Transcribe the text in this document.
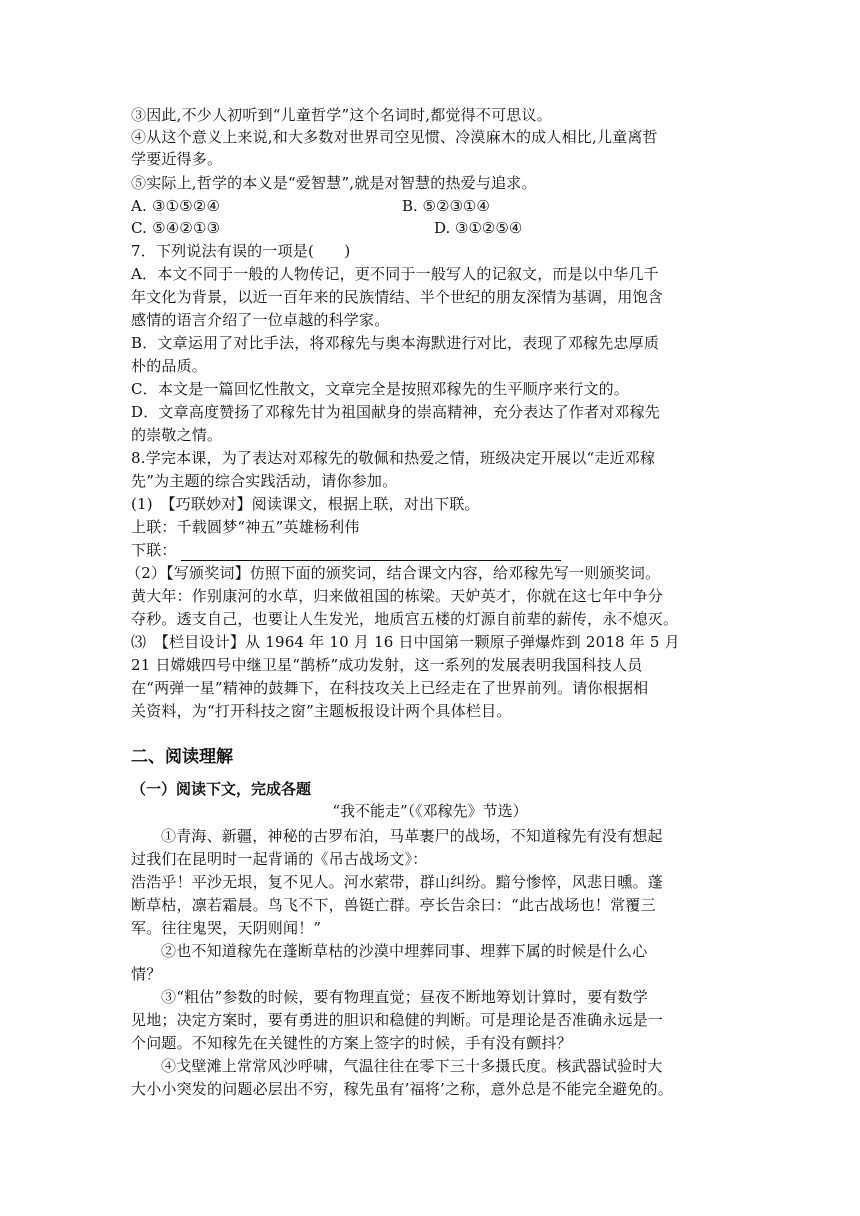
③因此,不少人初听到“儿童哲学”这个名词时,都觉得不可思议。
④从这个意义上来说,和大多数对世界司空见惯、冷漠麻木的成人相比,儿童离哲
学要近得多。
⑤实际上,哲学的本义是“爱智慧”,就是对智慧的热爱与追求。
A. ③①⑤②④	B. ⑤②③①④
C. ⑤④②①③	D. ③①②⑤④
7．下列说法有误的一项是(　　)
A．本文不同于一般的人物传记，更不同于一般写人的记叙文，而是以中华几千
年文化为背景，以近一百年来的民族情结、半个世纪的朋友深情为基调，用饱含
感情的语言介绍了一位卓越的科学家。
B．文章运用了对比手法，将邓稼先与奥本海默进行对比，表现了邓稼先忠厚质
朴的品质。
C．本文是一篇回忆性散文，文章完全是按照邓稼先的生平顺序来行文的。
D．文章高度赞扬了邓稼先甘为祖国献身的崇高精神，充分表达了作者对邓稼先
的崇敬之情。
8.学完本课，为了表达对邓稼先的敬佩和热爱之情，班级决定开展以“走近邓稼
先”为主题的综合实践活动，请你参加。
(1)　【巧联妙对】阅读课文，根据上联，对出下联。
上联：千载圆梦“神五”英雄杨利伟
下联：
（2）【写颁奖词】仿照下面的颁奖词，结合课文内容，给邓稼先写一则颁奖词。
黄大年：作别康河的水草，归来做祖国的栋梁。天妒英才，你就在这七年中争分
夺秒。透支自己，也要让人生发光，地质宫五楼的灯源自前辈的薪传，永不熄灭。
⑶　【栏目设计】从 1964 年 10 月 16 日中国第一颗原子弹爆炸到 2018 年 5 月
21 日嫦娥四号中继卫星“鹊桥”成功发射，这一系列的发展表明我国科技人员
在“两弹一星”精神的鼓舞下，在科技攻关上已经走在了世界前列。请你根据相
关资料，为“打开科技之窗”主题板报设计两个具体栏目。
二、阅读理解
（一）阅读下文，完成各题
“我不能走”（《邓稼先》节选）
①青海、新疆，神秘的古罗布泊，马革裹尸的战场，不知道稼先有没有想起
过我们在昆明时一起背诵的《吊古战场文》：
浩浩乎！平沙无垠，复不见人。河水萦带，群山纠纷。黯兮惨悴，风悲日曛。蓬
断草枯，凛若霜晨。鸟飞不下，兽铤亡群。亭长告余曰：“此古战场也！常覆三
军。往往鬼哭，天阴则闻！”
②也不知道稼先在蓬断草枯的沙漠中埋葬同事、埋葬下属的时候是什么心
情？
③“粗估”参数的时候，要有物理直觉；昼夜不断地筹划计算时，要有数学
见地；决定方案时，要有勇进的胆识和稳健的判断。可是理论是否准确永远是一
个问题。不知稼先在关键性的方案上签字的时候，手有没有颤抖？
④戈壁滩上常常风沙呼啸，气温往往在零下三十多摄氏度。核武器试验时大
大小小突发的问题必层出不穷，稼先虽有’福将’之称，意外总是不能完全避免的。
